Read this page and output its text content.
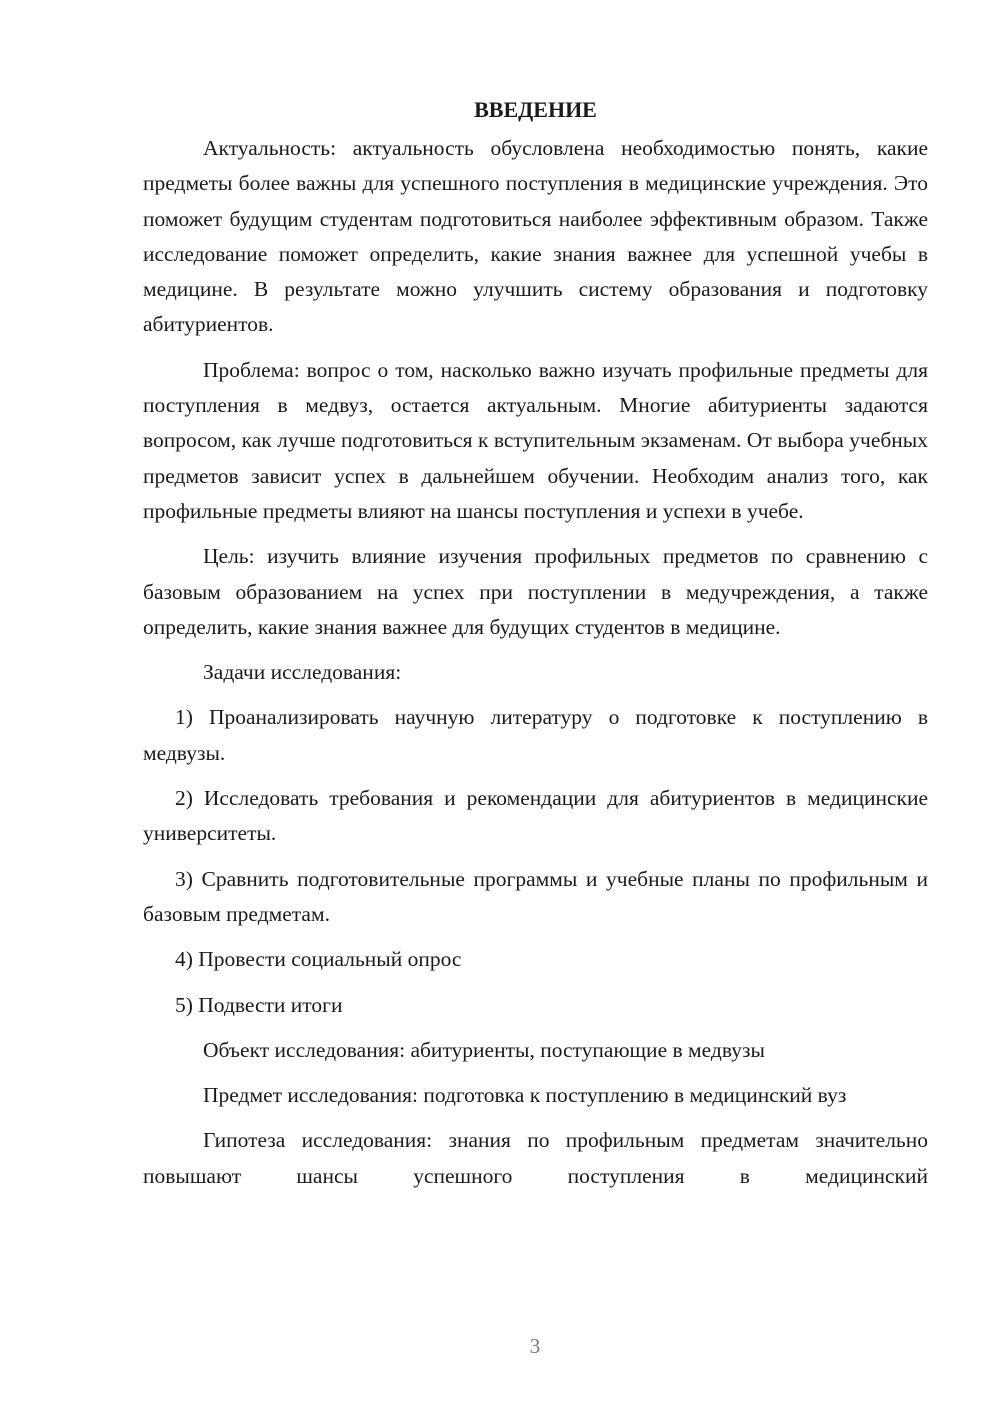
ВВЕДЕНИЕ

Актуальность: актуальность обусловлена необходимостью понять, какие предметы более важны для успешного поступления в медицинские учреждения. Это поможет будущим студентам подготовиться наиболее эффективным образом. Также исследование поможет определить, какие знания важнее для успешной учебы в медицине. В результате можно улучшить систему образования и подготовку абитуриентов.

Проблема: вопрос о том, насколько важно изучать профильные предметы для поступления в медвуз, остается актуальным. Многие абитуриенты задаются вопросом, как лучше подготовиться к вступительным экзаменам. От выбора учебных предметов зависит успех в дальнейшем обучении. Необходим анализ того, как профильные предметы влияют на шансы поступления и успехи в учебе.

Цель: изучить влияние изучения профильных предметов по сравнению с базовым образованием на успех при поступлении в медучреждения, а также определить, какие знания важнее для будущих студентов в медицине.

Задачи исследования:

1) Проанализировать научную литературу о подготовке к поступлению в медвузы.

2) Исследовать требования и рекомендации для абитуриентов в медицинские университеты.

3) Сравнить подготовительные программы и учебные планы по профильным и базовым предметам.

4) Провести социальный опрос

5) Подвести итоги

Объект исследования: абитуриенты, поступающие в медвузы

Предмет исследования: подготовка к поступлению в медицинский вуз

Гипотеза исследования: знания по профильным предметам значительно повышают шансы успешного поступления в медицинский

3
